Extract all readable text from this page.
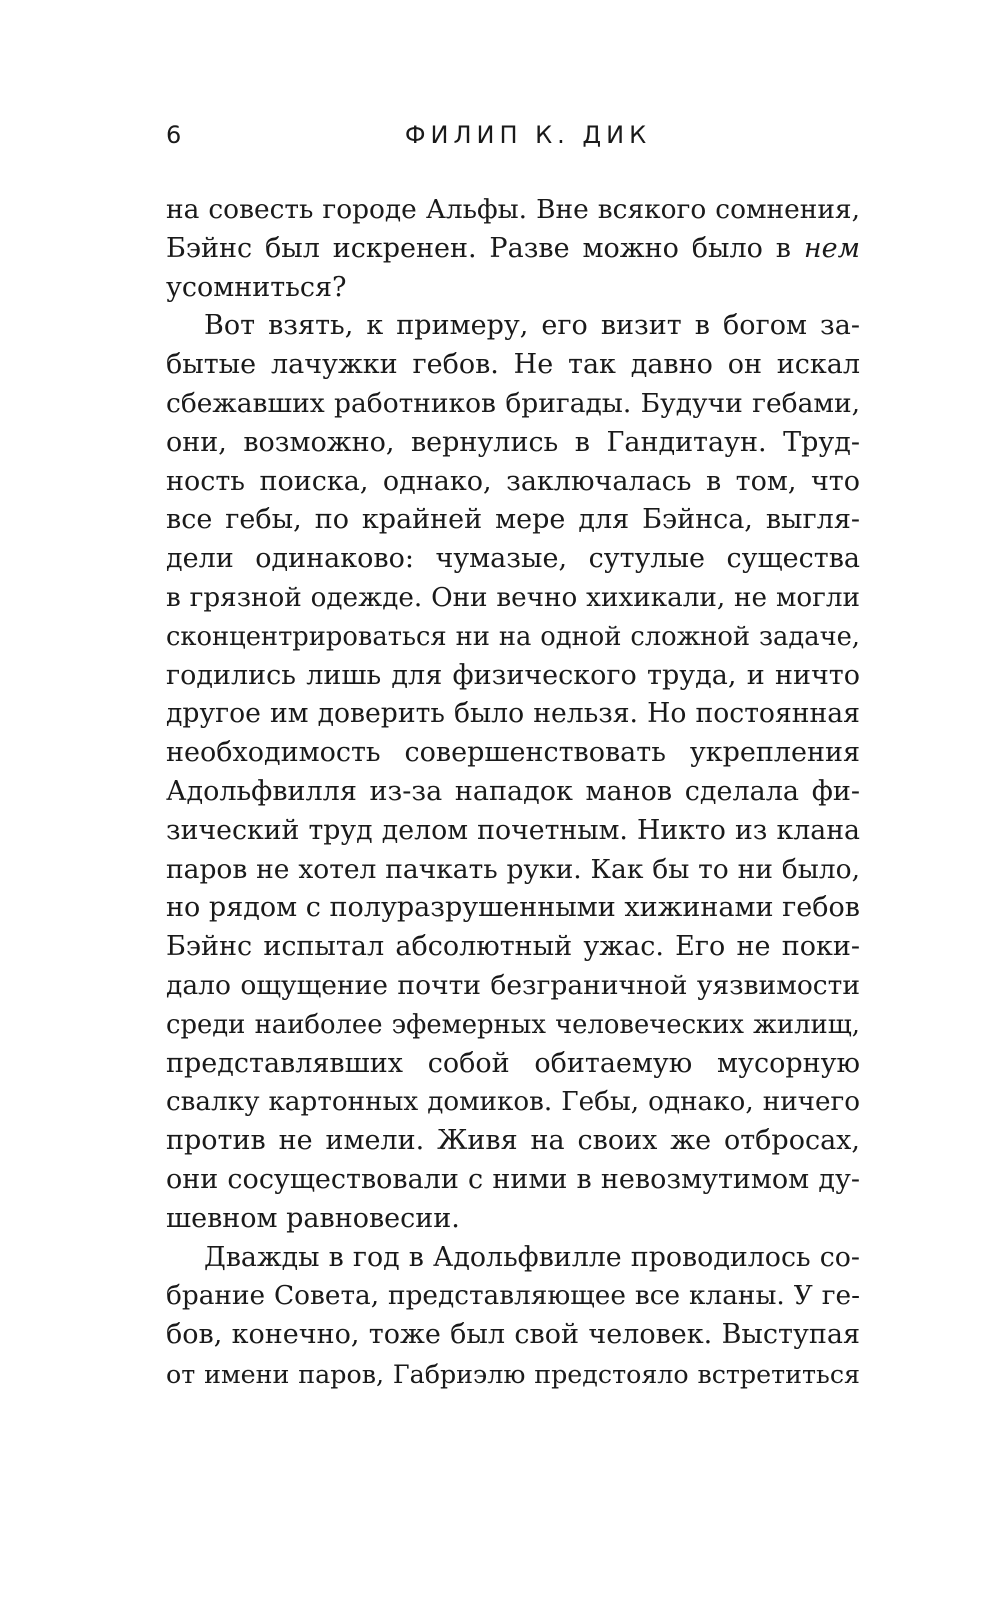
6	ФИЛИП К. ДИК
на совесть городе Альфы. Вне всякого сомнения,
Бэйнс был искренен. Разве можно было в нем
усомниться?
Вот взять, к примеру, его визит в богом за-
бытые лачужки гебов. Не так давно он искал
сбежавших работников бригады. Будучи гебами,
они, возможно, вернулись в Гандитаун. Труд-
ность поиска, однако, заключалась в том, что
все гебы, по крайней мере для Бэйнса, выгля-
дели одинаково: чумазые, сутулые существа
в грязной одежде. Они вечно хихикали, не могли
сконцентрироваться ни на одной сложной задаче,
годились лишь для физического труда, и ничто
другое им доверить было нельзя. Но постоянная
необходимость совершенствовать укрепления
Адольфвилля из-за нападок манов сделала фи-
зический труд делом почетным. Никто из клана
паров не хотел пачкать руки. Как бы то ни было,
но рядом с полуразрушенными хижинами гебов
Бэйнс испытал абсолютный ужас. Его не поки-
дало ощущение почти безграничной уязвимости
среди наиболее эфемерных человеческих жилищ,
представлявших собой обитаемую мусорную
свалку картонных домиков. Гебы, однако, ничего
против не имели. Живя на своих же отбросах,
они сосуществовали с ними в невозмутимом ду-
шевном равновесии.
Дважды в год в Адольфвилле проводилось со-
брание Совета, представляющее все кланы. У ге-
бов, конечно, тоже был свой человек. Выступая
от имени паров, Габриэлю предстояло встретиться
